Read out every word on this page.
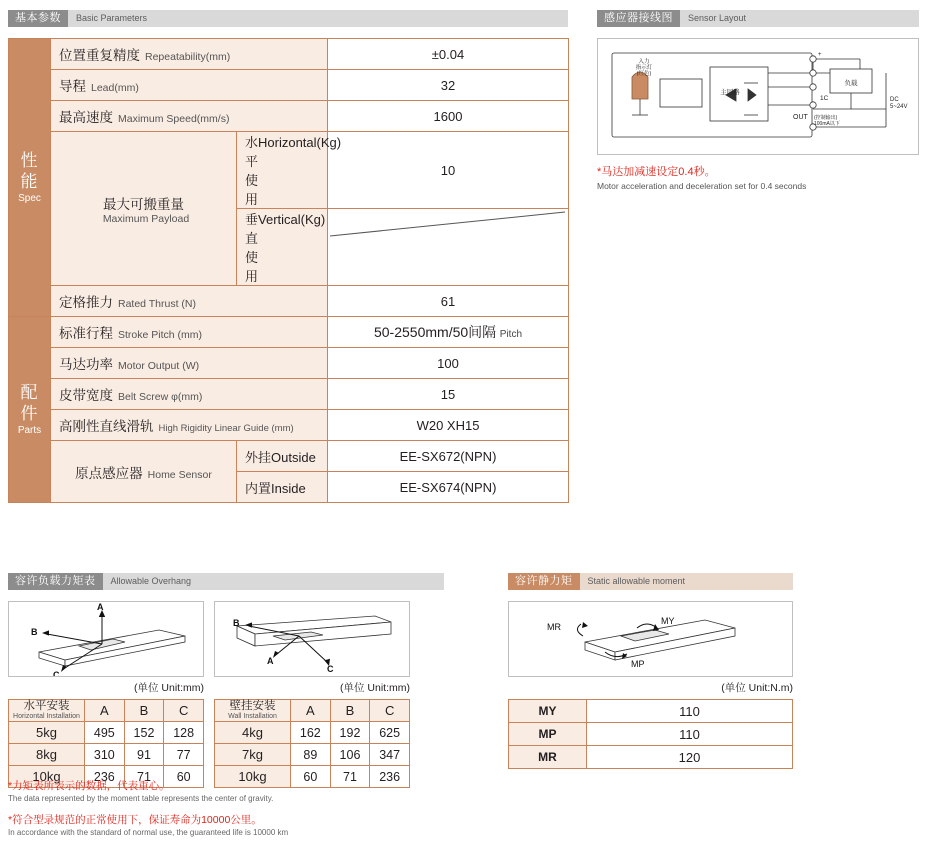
基本参数	Basic Parameters
性能
Spec

位置重复精度 Repeatability(mm)	±0.04

	导程 Lead(mm)		32

	最高速度 Maximum Speed(mm/s)		1600

	最大可搬重量
Maximum Payload	水平使用
Horizontal(Kg)	10

		垂直使用
Vertical(Kg)

	定格推力 Rated Thrust (N)		61

配件
Parts

标准行程 Stroke Pitch (mm)	50-2550mm/50间隔 Pitch

	马达功率 Motor Output (W)		100

	皮带宽度 Belt Screw φ(mm)		15

	高刚性直线滑轨 High Rigidity Linear Guide (mm)		W20 XH15

	原点感应器 Home Sensor	外挂 Outside	EE-SX672(NPN)

		内置 Inside	EE-SX674(NPN)
感应器接线图	Sensor Layout
主回路
负载
1C
OUT (控制输出)
100mA以下
DC
5~24V
入力
指示灯
(红色)
+
*马达加减速设定0.4秒。
Motor acceleration and deceleration set for 0.4 seconds
容许负载力矩表	Allowable Overhang
A
B
C
B
A
C
(单位 Unit:mm)	(单位 Unit:mm)
水平安装
Horizontal Installation	A	B	C
5kg	495	152	128
8kg	310	91	77
10kg	236	71	60
壁挂安装
Wall Installation	A	B	C
4kg	162	192	625
7kg	89	106	347
10kg	60	71	236
容许静力矩	Static allowable moment
MY
MP
MR
(单位 Unit:N.m)
MY	110
MP	110
MR	120
*力矩表所表示的数据，代表重心。
The data represented by the moment table represents the center of gravity.
*符合型录规范的正常使用下，保证寿命为10000公里。
In accordance with the standard of normal use, the guaranteed life is 10000 km
